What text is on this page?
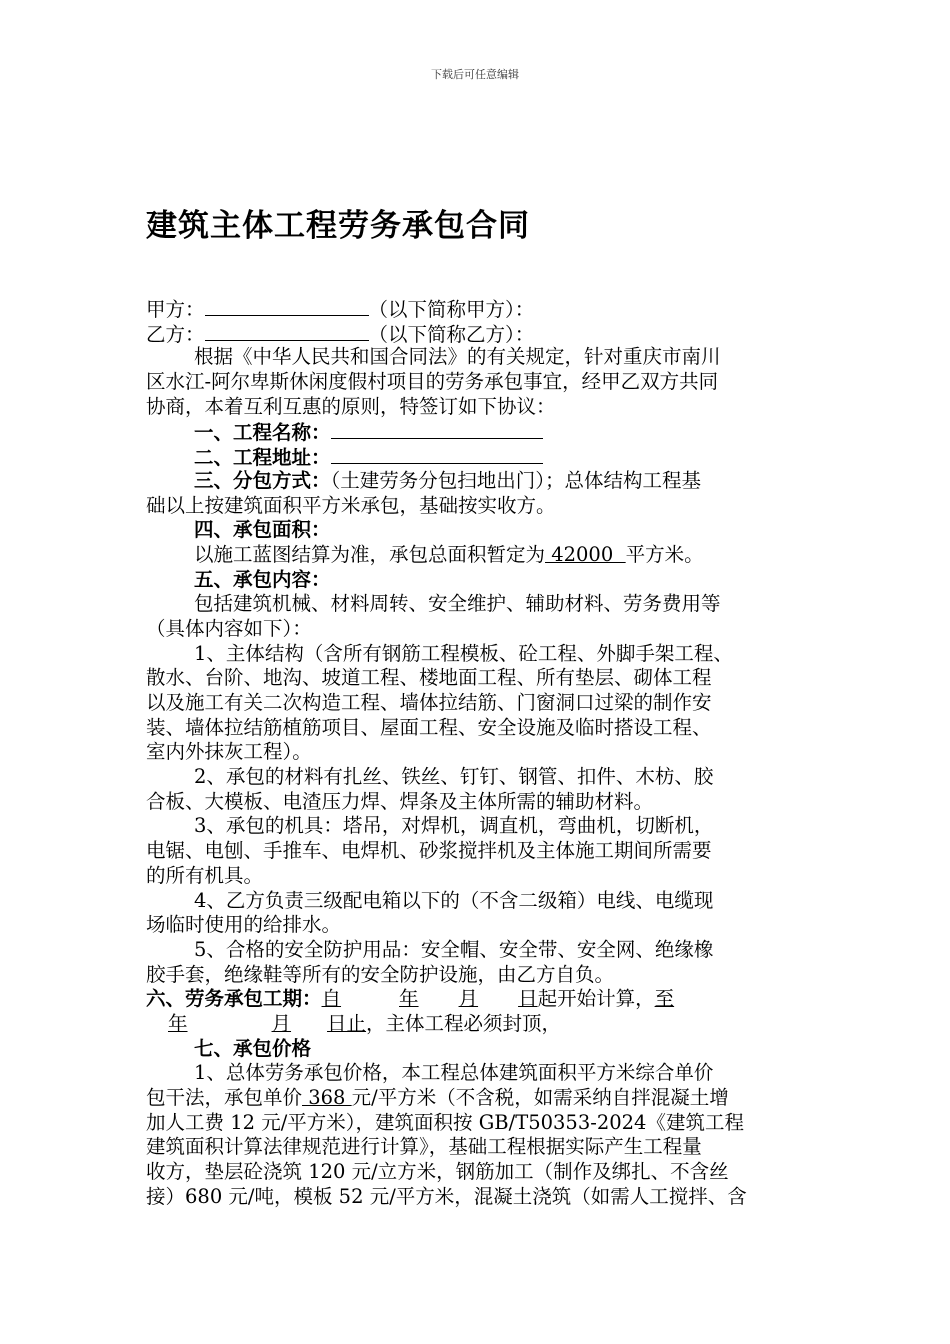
下载后可任意编辑
建筑主体工程劳务承包合同
甲方：	（以下简称甲方）：
乙方：	（以下简称乙方）：
根据《中华人民共和国合同法》的有关规定，针对重庆市南川
区水江-阿尔卑斯休闲度假村项目的劳务承包事宜，经甲乙双方共同
协商，本着互利互惠的原则，特签订如下协议：
一、工程名称：
二、工程地址：
三、分包方式：（土建劳务分包扫地出门）；总体结构工程基
础以上按建筑面积平方米承包，基础按实收方。
四、承包面积：
以施工蓝图结算为准，承包总面积暂定为 42000  平方米。
五、承包内容：
包括建筑机械、材料周转、安全维护、辅助材料、劳务费用等
（具体内容如下）：
1、主体结构（含所有钢筋工程模板、砼工程、外脚手架工程、
散水、台阶、地沟、坡道工程、楼地面工程、所有垫层、砌体工程
以及施工有关二次构造工程、墙体拉结筋、门窗洞口过梁的制作安
装、墙体拉结筋植筋项目、屋面工程、安全设施及临时搭设工程、
室内外抹灰工程）。
2、承包的材料有扎丝、铁丝、钉钉、钢管、扣件、木枋、胶
合板、大模板、电渣压力焊、焊条及主体所需的辅助材料。
3、承包的机具：塔吊，对焊机，调直机，弯曲机，切断机，
电锯、电刨、手推车、电焊机、砂浆搅拌机及主体施工期间所需要
的所有机具。
4、乙方负责三级配电箱以下的（不含二级箱）电线、电缆现
场临时使用的给排水。
5、合格的安全防护用品：安全帽、安全带、安全网、绝缘橡
胶手套，绝缘鞋等所有的安全防护设施，由乙方自负。
六、劳务承包工期：自	年 月 日起开始计算，至
年	月 日止，主体工程必须封顶，
七、承包价格
1、总体劳务承包价格，本工程总体建筑面积平方米综合单价
包干法，承包单价 368 元/平方米（不含税，如需采纳自拌混凝土增
加人工费 12 元/平方米），建筑面积按 GB/T50353-2024《建筑工程
建筑面积计算法律规范进行计算》，基础工程根据实际产生工程量
收方，垫层砼浇筑 120 元/立方米，钢筋加工（制作及绑扎、不含丝
接）680 元/吨，模板 52 元/平方米，混凝土浇筑（如需人工搅拌、含
